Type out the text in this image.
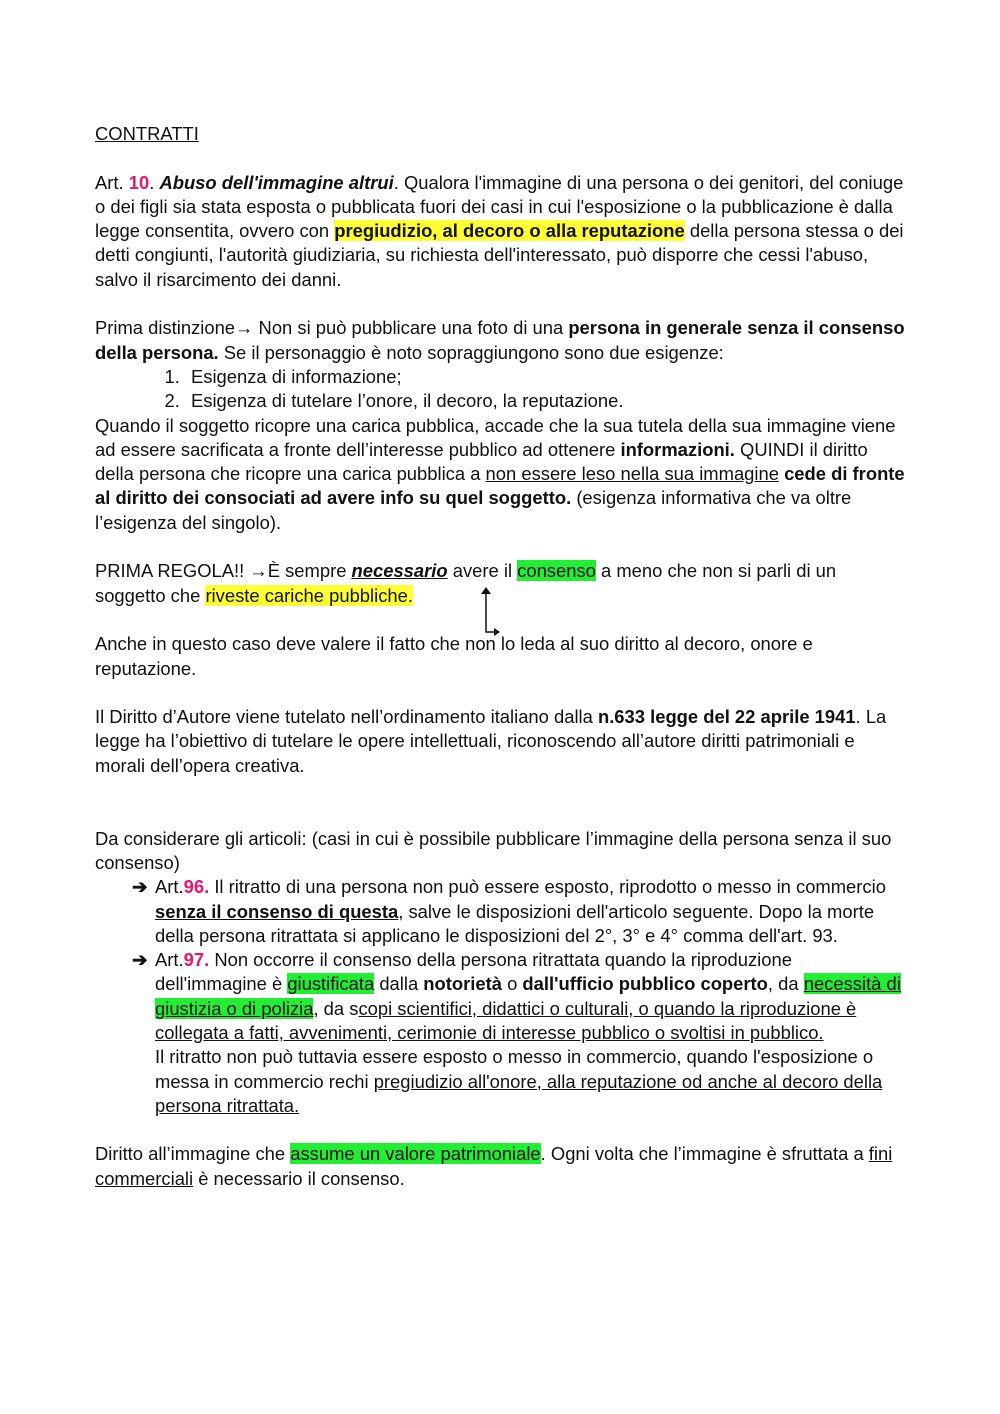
CONTRATTI

Art. 10. Abuso dell'immagine altrui. Qualora l'immagine di una persona o dei genitori, del coniuge o dei figli sia stata esposta o pubblicata fuori dei casi in cui l'esposizione o la pubblicazione è dalla legge consentita, ovvero con pregiudizio, al decoro o alla reputazione della persona stessa o dei detti congiunti, l'autorità giudiziaria, su richiesta dell'interessato, può disporre che cessi l'abuso, salvo il risarcimento dei danni.

Prima distinzione→ Non si può pubblicare una foto di una persona in generale senza il consenso della persona. Se il personaggio è noto sopraggiungono sono due esigenze:

1. Esigenza di informazione;
2. Esigenza di tutelare l’onore, il decoro, la reputazione.

Quando il soggetto ricopre una carica pubblica, accade che la sua tutela della sua immagine viene ad essere sacrificata a fronte dell’interesse pubblico ad ottenere informazioni. QUINDI il diritto della persona che ricopre una carica pubblica a non essere leso nella sua immagine cede di fronte al diritto dei consociati ad avere info su quel soggetto. (esigenza informativa che va oltre l’esigenza del singolo).

PRIMA REGOLA!! →È sempre necessario avere il consenso a meno che non si parli di un soggetto che riveste cariche pubbliche.

Anche in questo caso deve valere il fatto che non lo leda al suo diritto al decoro, onore e reputazione.

Il Diritto d’Autore viene tutelato nell’ordinamento italiano dalla n.633 legge del 22 aprile 1941. La legge ha l’obiettivo di tutelare le opere intellettuali, riconoscendo all’autore diritti patrimoniali e morali dell’opera creativa.

Da considerare gli articoli: (casi in cui è possibile pubblicare l’immagine della persona senza il suo consenso)

➔ Art.96. Il ritratto di una persona non può essere esposto, riprodotto o messo in commercio senza il consenso di questa, salve le disposizioni dell'articolo seguente. Dopo la morte della persona ritrattata si applicano le disposizioni del 2°, 3° e 4° comma dell'art. 93.
➔ Art.97. Non occorre il consenso della persona ritrattata quando la riproduzione dell'immagine è giustificata dalla notorietà o dall'ufficio pubblico coperto, da necessità di giustizia o di polizia, da scopi scientifici, didattici o culturali, o quando la riproduzione è collegata a fatti, avvenimenti, cerimonie di interesse pubblico o svoltisi in pubblico.
Il ritratto non può tuttavia essere esposto o messo in commercio, quando l'esposizione o messa in commercio rechi pregiudizio all'onore, alla reputazione od anche al decoro della persona ritrattata.

Diritto all’immagine che assume un valore patrimoniale. Ogni volta che l’immagine è sfruttata a fini commerciali è necessario il consenso.
